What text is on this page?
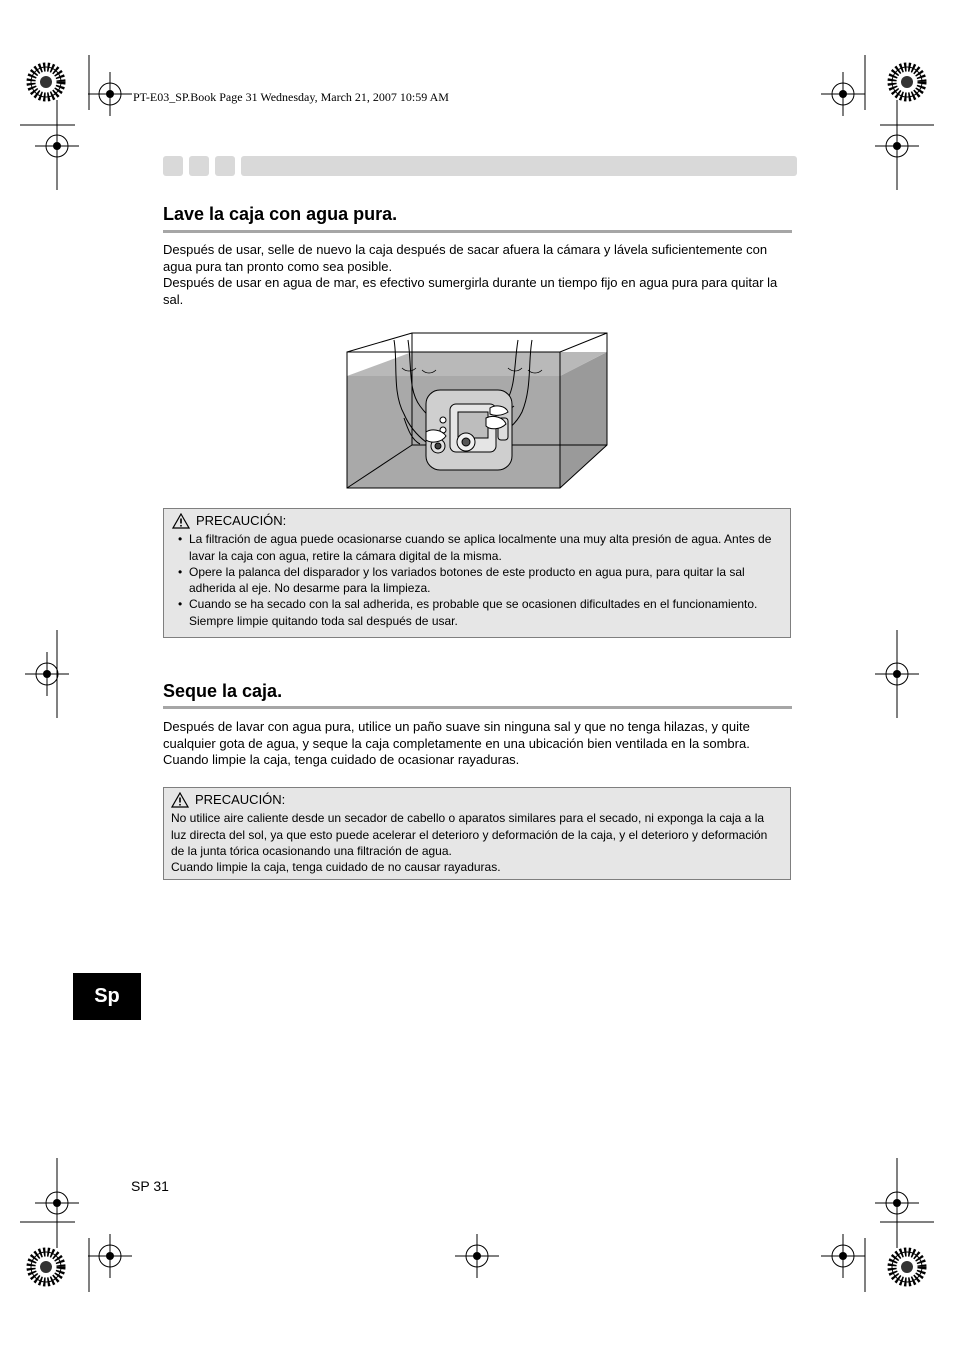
PT-E03_SP.Book Page 31 Wednesday, March 21, 2007 10:59 AM
Lave la caja con agua pura.

Después de usar, selle de nuevo la caja después de sacar afuera la cámara y lávela suficientemente con agua pura tan pronto como sea posible.

Después de usar en agua de mar, es efectivo sumergirla durante un tiempo fijo en agua pura para quitar la sal.

PRECAUCIÓN:
• La filtración de agua puede ocasionarse cuando se aplica localmente una muy alta presión de agua. Antes de lavar la caja con agua, retire la cámara digital de la misma.
• Opere la palanca del disparador y los variados botones de este producto en agua pura, para quitar la sal adherida al eje. No desarme para la limpieza.
• Cuando se ha secado con la sal adherida, es probable que se ocasionen dificultades en el funcionamiento. Siempre limpie quitando toda sal después de usar.
Seque la caja.

Después de lavar con agua pura, utilice un paño suave sin ninguna sal y que no tenga hilazas, y quite cualquier gota de agua, y seque la caja completamente en una ubicación bien ventilada en la sombra.

Cuando limpie la caja, tenga cuidado de ocasionar rayaduras.

PRECAUCIÓN:

No utilice aire caliente desde un secador de cabello o aparatos similares para el secado, ni exponga la caja a la luz directa del sol, ya que esto puede acelerar el deterioro y deformación de la caja, y el deterioro y deformación de la junta tórica ocasionando una filtración de agua.

Cuando limpie la caja, tenga cuidado de no causar rayaduras.

Sp
SP 31
